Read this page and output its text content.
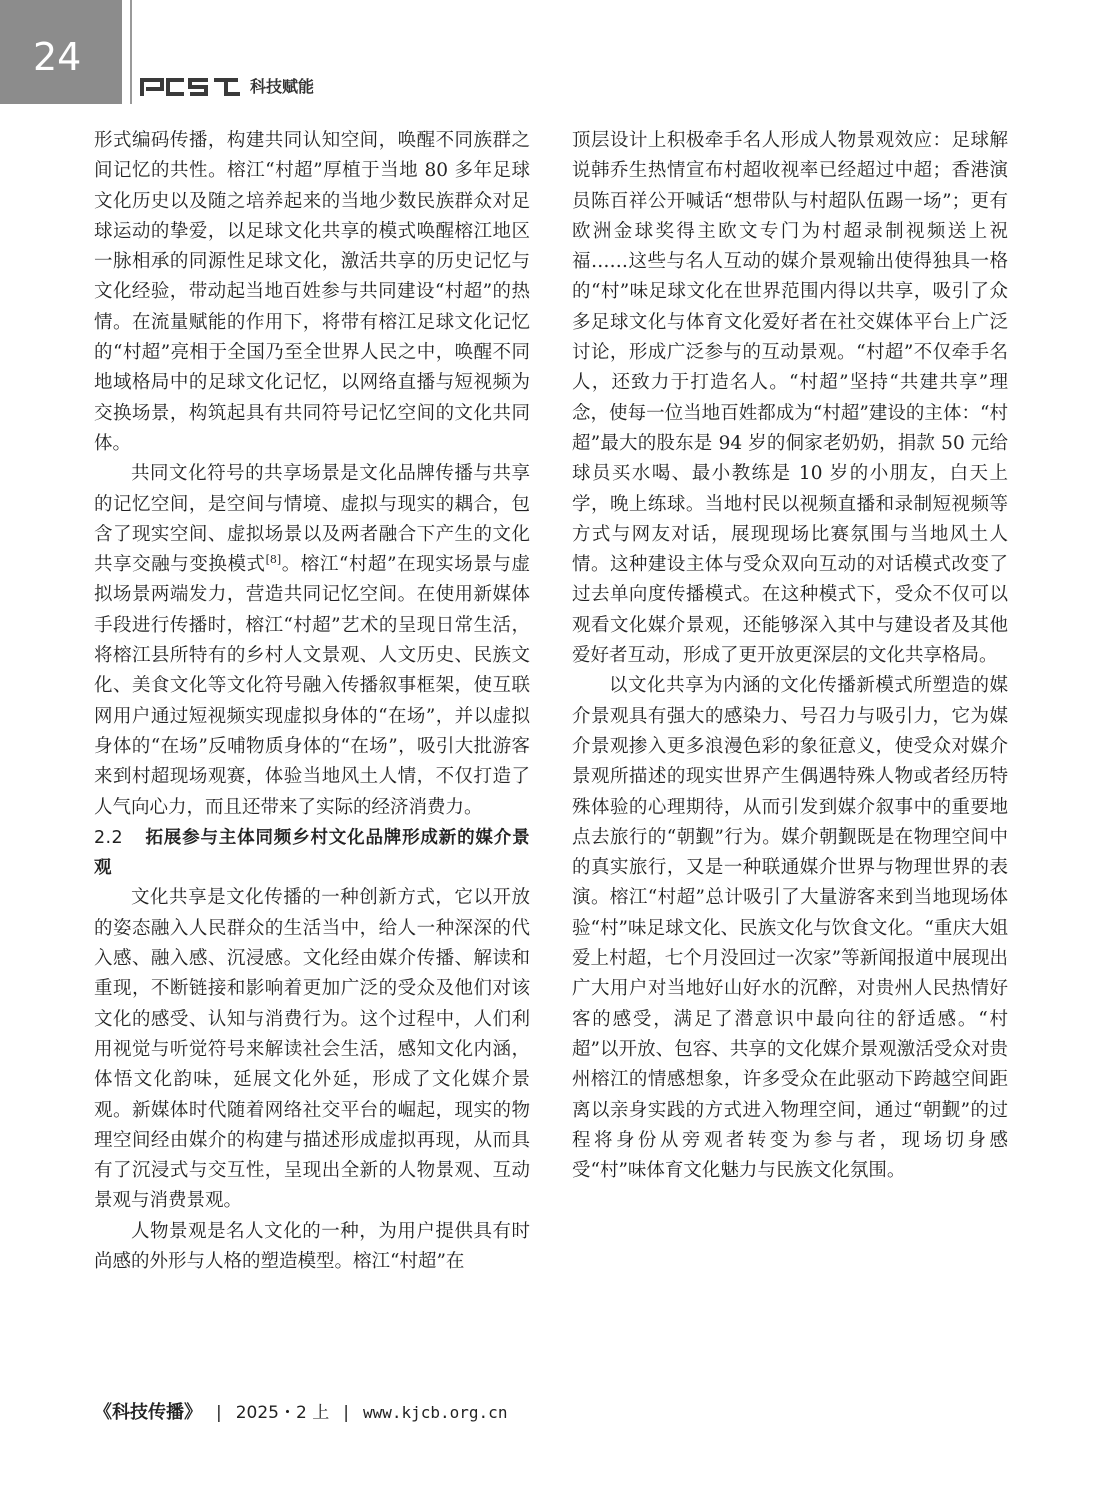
24
科技赋能

形式编码传播，构建共同认知空间，唤醒不同族群之间记忆的共性。榕江“村超”厚植于当地 80 多年足球文化历史以及随之培养起来的当地少数民族群众对足球运动的挚爱，以足球文化共享的模式唤醒榕江地区一脉相承的同源性足球文化，激活共享的历史记忆与文化经验，带动起当地百姓参与共同建设“村超”的热情。在流量赋能的作用下，将带有榕江足球文化记忆的“村超”亮相于全国乃至全世界人民之中，唤醒不同地域格局中的足球文化记忆，以网络直播与短视频为交换场景，构筑起具有共同符号记忆空间的文化共同体。

共同文化符号的共享场景是文化品牌传播与共享的记忆空间，是空间与情境、虚拟与现实的耦合，包含了现实空间、虚拟场景以及两者融合下产生的文化共享交融与变换模式[8]。榕江“村超”在现实场景与虚拟场景两端发力，营造共同记忆空间。在使用新媒体手段进行传播时，榕江“村超”艺术的呈现日常生活，将榕江县所特有的乡村人文景观、人文历史、民族文化、美食文化等文化符号融入传播叙事框架，使互联网用户通过短视频实现虚拟身体的“在场”，并以虚拟身体的“在场”反哺物质身体的“在场”，吸引大批游客来到村超现场观赛，体验当地风土人情，不仅打造了人气向心力，而且还带来了实际的经济消费力。

2.2 拓展参与主体同频乡村文化品牌形成新的媒介景观

文化共享是文化传播的一种创新方式，它以开放的姿态融入人民群众的生活当中，给人一种深深的代入感、融入感、沉浸感。文化经由媒介传播、解读和重现，不断链接和影响着更加广泛的受众及他们对该文化的感受、认知与消费行为。这个过程中，人们利用视觉与听觉符号来解读社会生活，感知文化内涵，体悟文化韵味，延展文化外延，形成了文化媒介景观。新媒体时代随着网络社交平台的崛起，现实的物理空间经由媒介的构建与描述形成虚拟再现，从而具有了沉浸式与交互性，呈现出全新的人物景观、互动景观与消费景观。

人物景观是名人文化的一种，为用户提供具有时尚感的外形与人格的塑造模型。榕江“村超”在

顶层设计上积极牵手名人形成人物景观效应：足球解说韩乔生热情宣布村超收视率已经超过中超；香港演员陈百祥公开喊话“想带队与村超队伍踢一场”；更有欧洲金球奖得主欧文专门为村超录制视频送上祝福……这些与名人互动的媒介景观输出使得独具一格的“村”味足球文化在世界范围内得以共享，吸引了众多足球文化与体育文化爱好者在社交媒体平台上广泛讨论，形成广泛参与的互动景观。“村超”不仅牵手名人，还致力于打造名人。“村超”坚持“共建共享”理念，使每一位当地百姓都成为“村超”建设的主体：“村超”最大的股东是 94 岁的侗家老奶奶，捐款 50 元给球员买水喝、最小教练是 10 岁的小朋友，白天上学，晚上练球。当地村民以视频直播和录制短视频等方式与网友对话，展现现场比赛氛围与当地风土人情。这种建设主体与受众双向互动的对话模式改变了过去单向度传播模式。在这种模式下，受众不仅可以观看文化媒介景观，还能够深入其中与建设者及其他爱好者互动，形成了更开放更深层的文化共享格局。

以文化共享为内涵的文化传播新模式所塑造的媒介景观具有强大的感染力、号召力与吸引力，它为媒介景观掺入更多浪漫色彩的象征意义，使受众对媒介景观所描述的现实世界产生偶遇特殊人物或者经历特殊体验的心理期待，从而引发到媒介叙事中的重要地点去旅行的“朝觐”行为。媒介朝觐既是在物理空间中的真实旅行，又是一种联通媒介世界与物理世界的表演。榕江“村超”总计吸引了大量游客来到当地现场体验“村”味足球文化、民族文化与饮食文化。“重庆大姐爱上村超，七个月没回过一次家”等新闻报道中展现出广大用户对当地好山好水的沉醉，对贵州人民热情好客的感受，满足了潜意识中最向往的舒适感。“村超”以开放、包容、共享的文化媒介景观激活受众对贵州榕江的情感想象，许多受众在此驱动下跨越空间距离以亲身实践的方式进入物理空间，通过“朝觐”的过程将身份从旁观者转变为参与者，现场切身感受“村”味体育文化魅力与民族文化氛围。

《科技传播》 | 2025・2 上 | www.kjcb.org.cn
